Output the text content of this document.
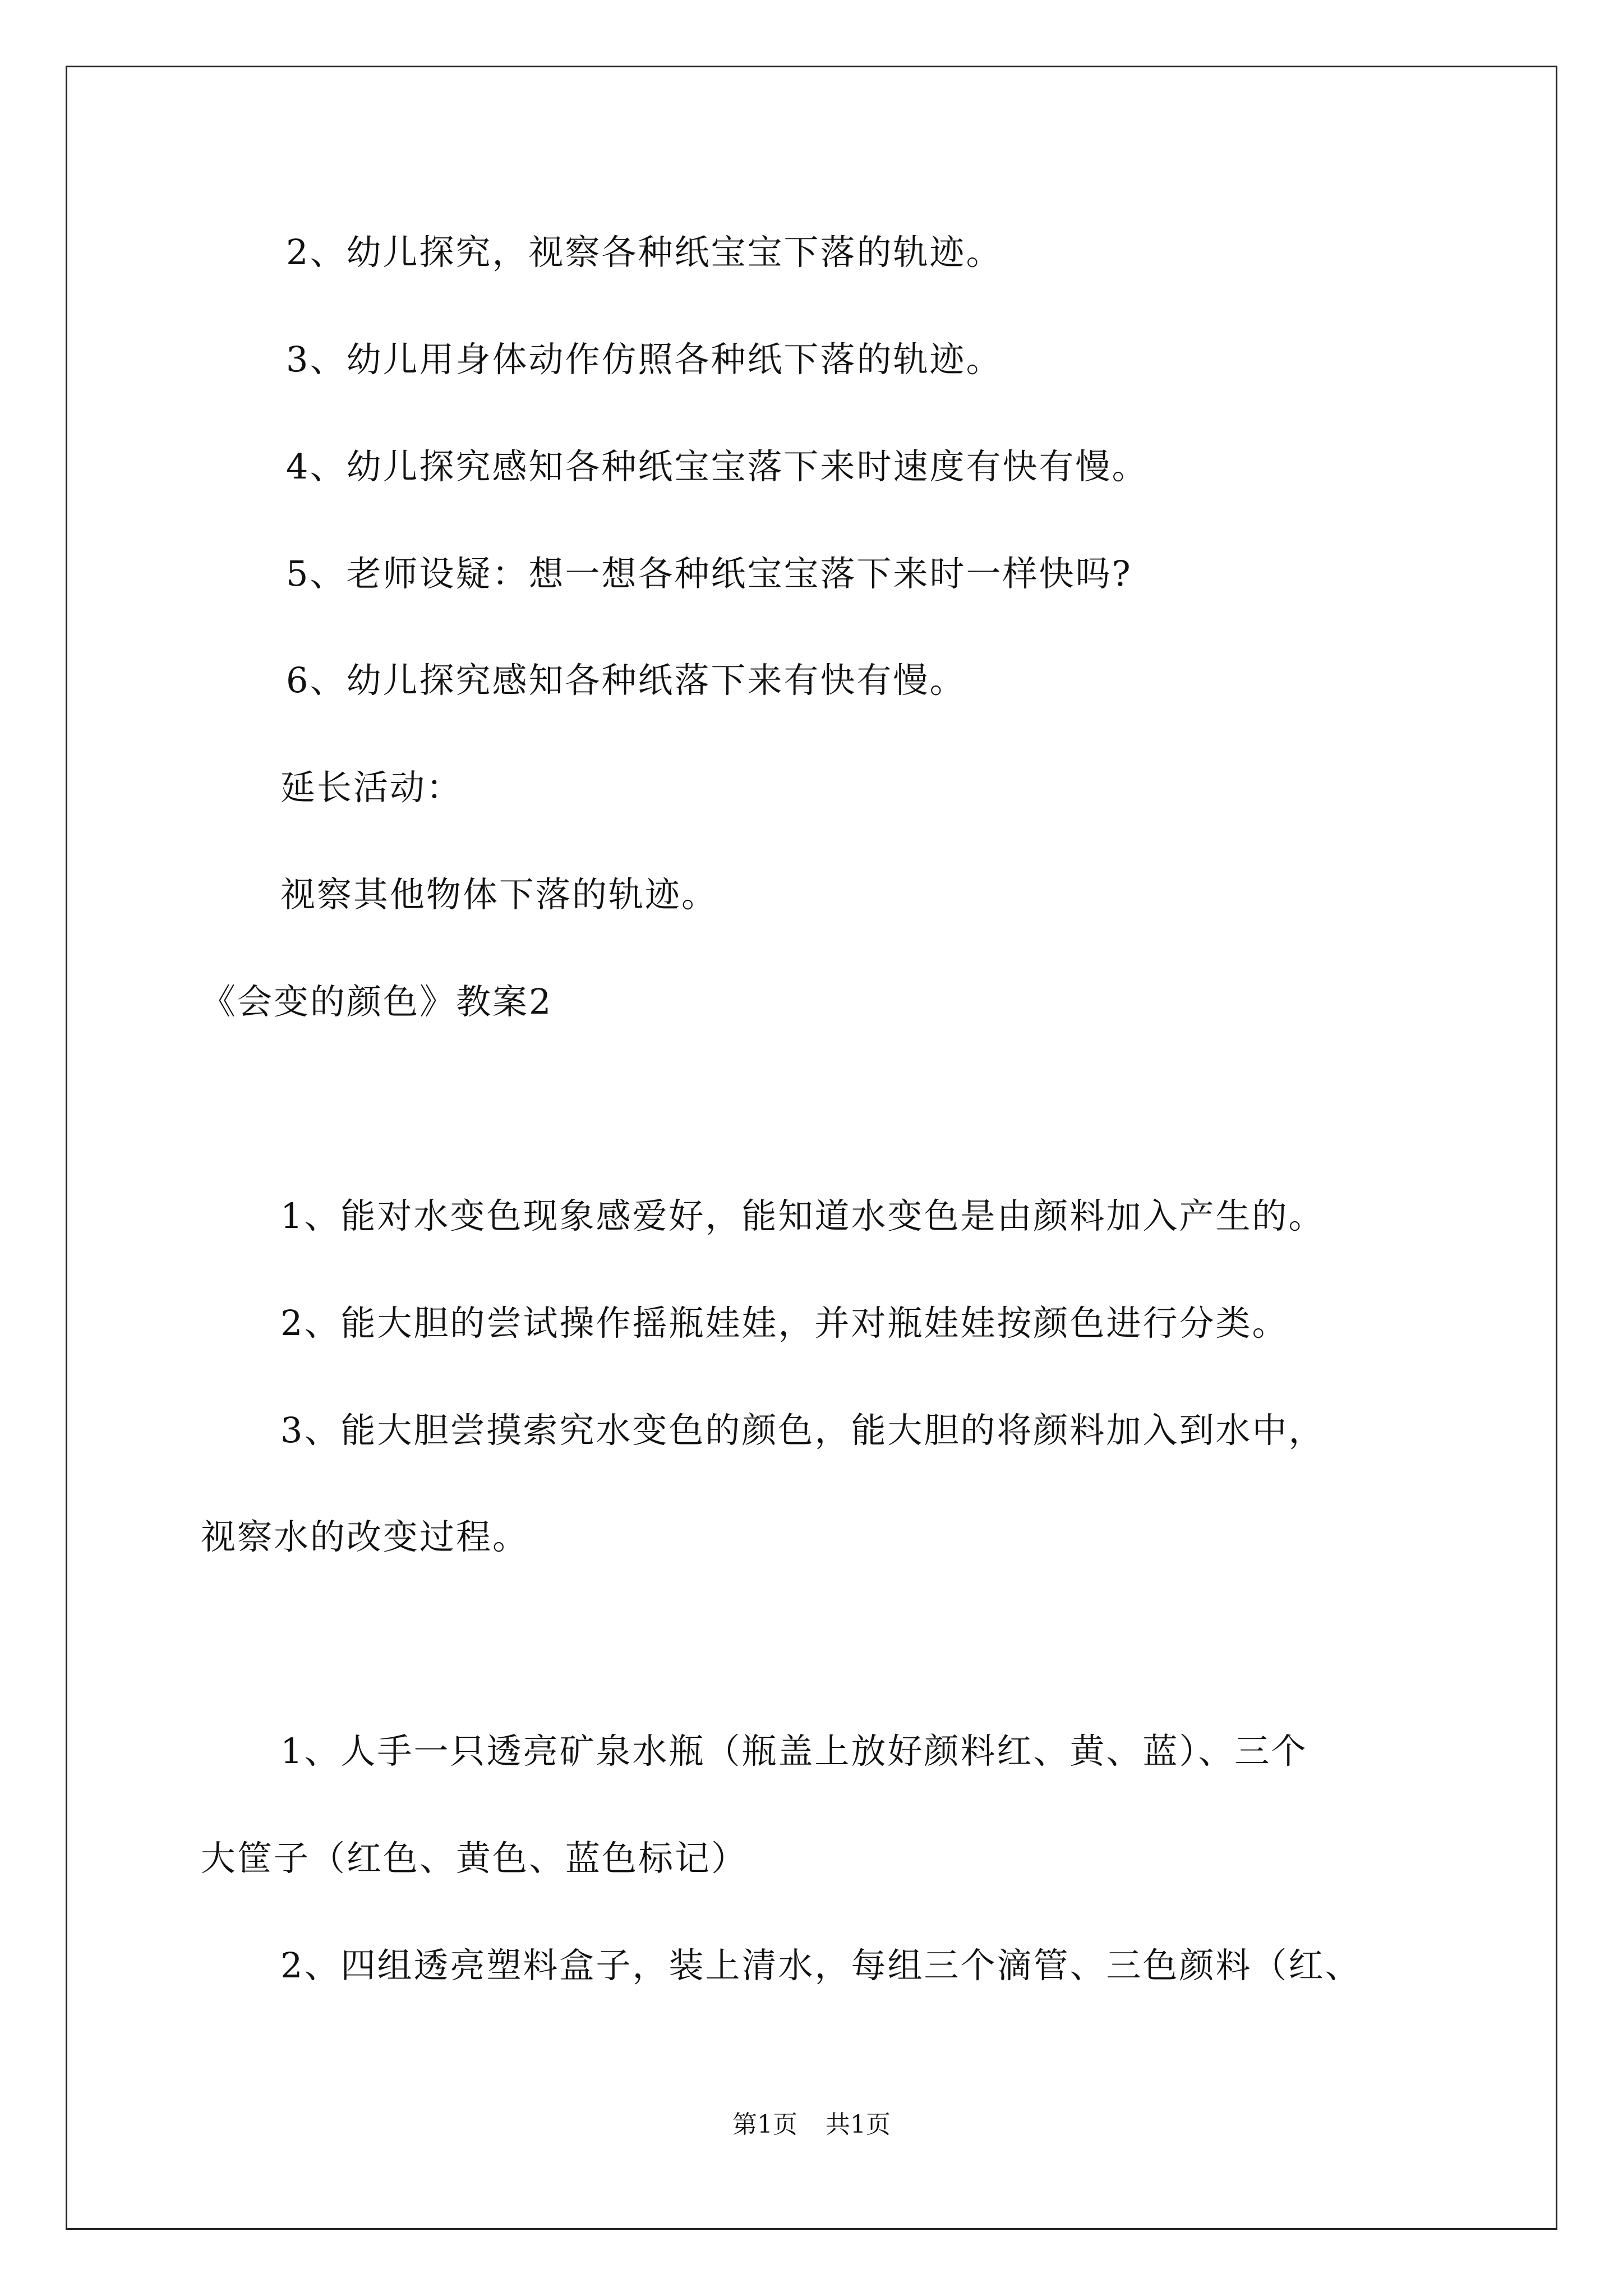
2、幼儿探究，视察各种纸宝宝下落的轨迹。
3、幼儿用身体动作仿照各种纸下落的轨迹。
4、幼儿探究感知各种纸宝宝落下来时速度有快有慢。
5、老师设疑：想一想各种纸宝宝落下来时一样快吗?
6、幼儿探究感知各种纸落下来有快有慢。
延长活动：
视察其他物体下落的轨迹。
《会变的颜色》教案2
1、能对水变色现象感爱好，能知道水变色是由颜料加入产生的。
2、能大胆的尝试操作摇瓶娃娃，并对瓶娃娃按颜色进行分类。
3、能大胆尝摸索究水变色的颜色，能大胆的将颜料加入到水中，
视察水的改变过程。
1、人手一只透亮矿泉水瓶（瓶盖上放好颜料红、黄、蓝）、三个
大筐子（红色、黄色、蓝色标记）
2、四组透亮塑料盒子，装上清水，每组三个滴管、三色颜料（红、
第1页 共1页
